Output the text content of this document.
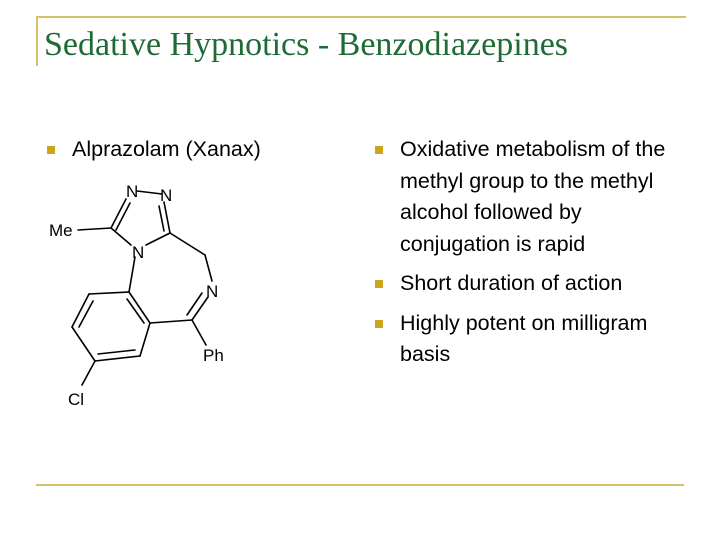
Sedative Hypnotics - Benzodiazepines
Alprazolam (Xanax)
N N
N
N
Me
Ph
Cl
Oxidative metabolism of the methyl group to the methyl alcohol followed by conjugation is rapid
Short duration of action
Highly potent on milligram basis
